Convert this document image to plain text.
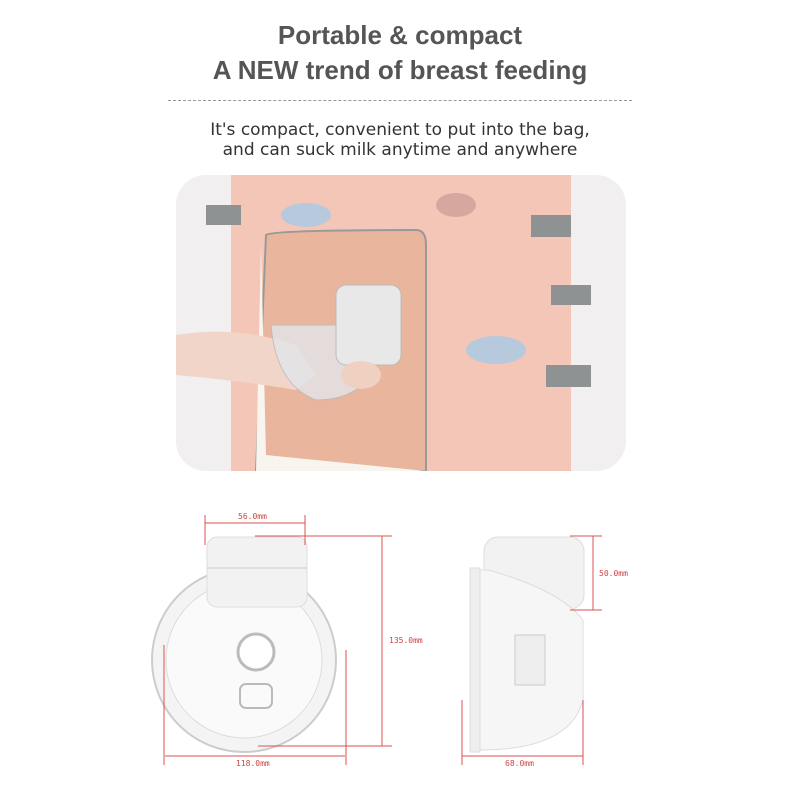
Portable & compact
A NEW trend of breast feeding
It's compact, convenient to put into the bag,
and can suck milk anytime and anywhere
56.0mm
135.0mm
118.0mm	68.0mm
50.0mm
